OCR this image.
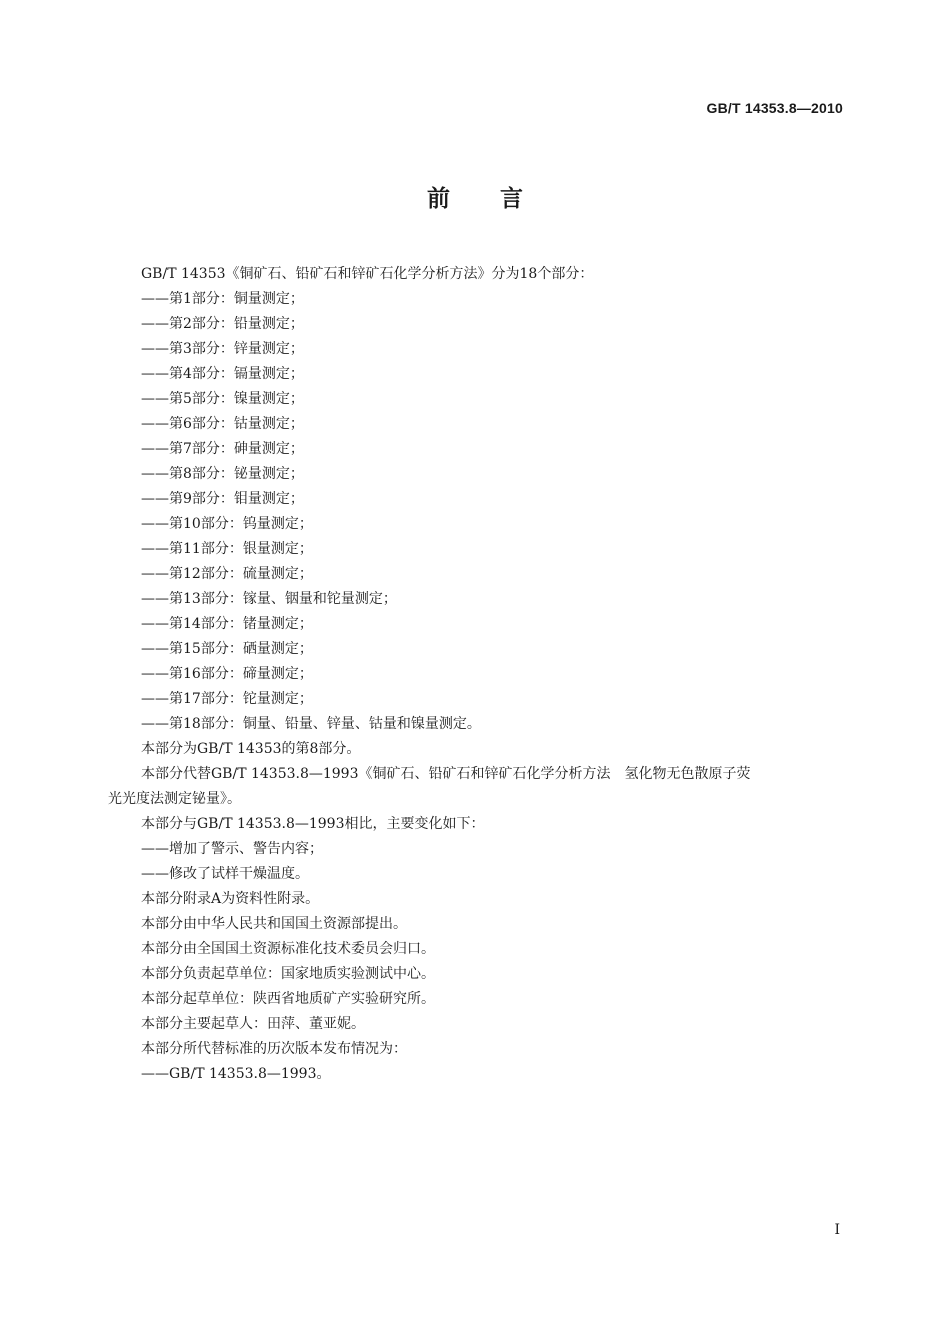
GB/T 14353.8—2010
前言
GB/T 14353《铜矿石、铅矿石和锌矿石化学分析方法》分为18个部分：
——第1部分：铜量测定；
——第2部分：铅量测定；
——第3部分：锌量测定；
——第4部分：镉量测定；
——第5部分：镍量测定；
——第6部分：钴量测定；
——第7部分：砷量测定；
——第8部分：铋量测定；
——第9部分：钼量测定；
——第10部分：钨量测定；
——第11部分：银量测定；
——第12部分：硫量测定；
——第13部分：镓量、铟量和铊量测定；
——第14部分：锗量测定；
——第15部分：硒量测定；
——第16部分：碲量测定；
——第17部分：铊量测定；
——第18部分：铜量、铅量、锌量、钴量和镍量测定。
本部分为GB/T 14353的第8部分。
本部分代替GB/T 14353.8—1993《铜矿石、铅矿石和锌矿石化学分析方法　氢化物无色散原子荧
光光度法测定铋量》。
本部分与GB/T 14353.8—1993相比，主要变化如下：
——增加了警示、警告内容；
——修改了试样干燥温度。
本部分附录A为资料性附录。
本部分由中华人民共和国国土资源部提出。
本部分由全国国土资源标准化技术委员会归口。
本部分负责起草单位：国家地质实验测试中心。
本部分起草单位：陕西省地质矿产实验研究所。
本部分主要起草人：田萍、董亚妮。
本部分所代替标准的历次版本发布情况为：
——GB/T 14353.8—1993。
I
